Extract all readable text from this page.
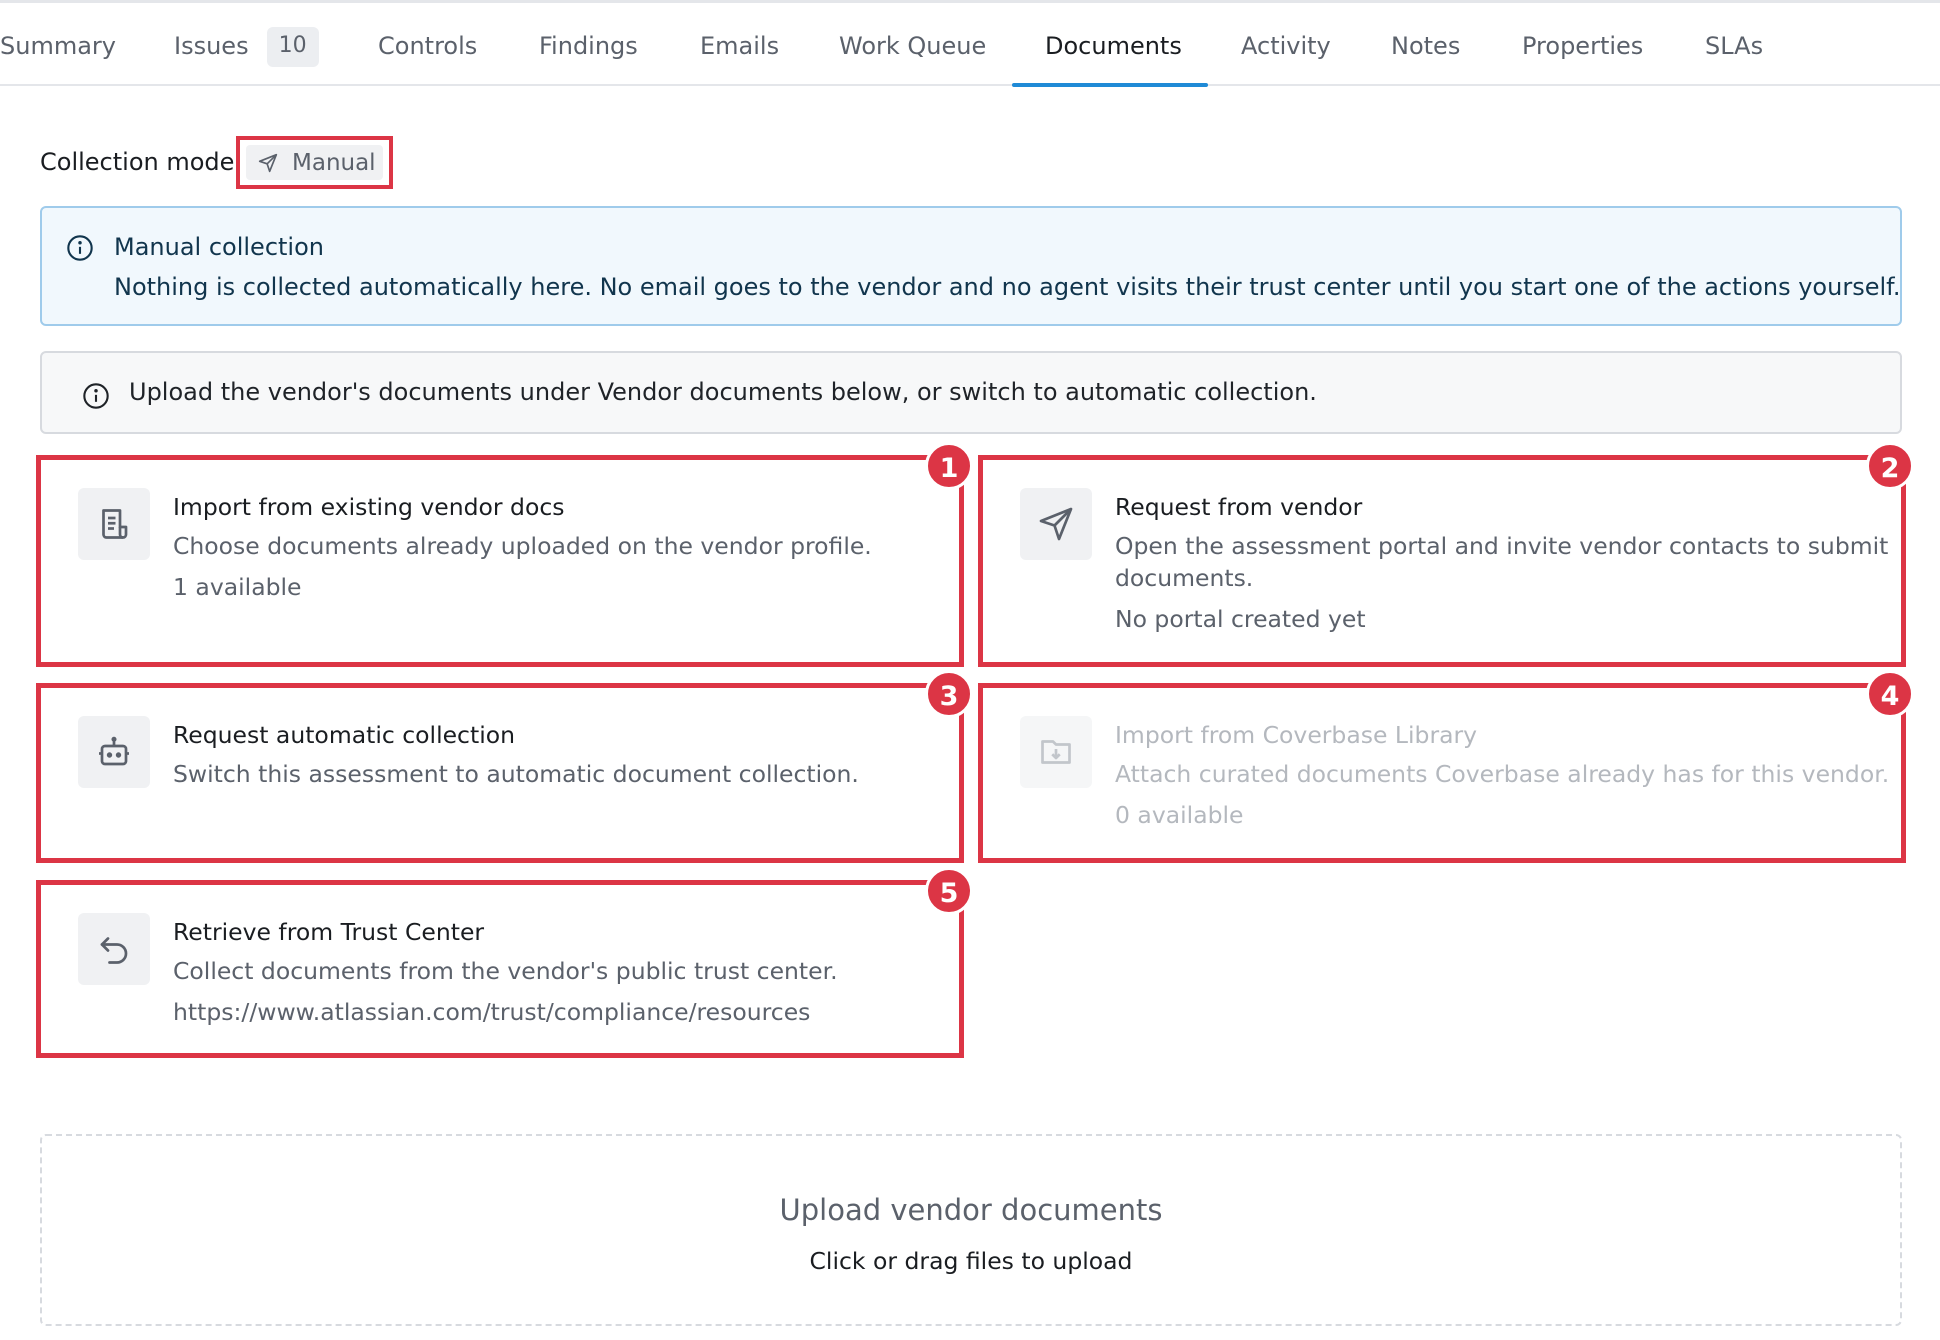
Summary Issues 10	Controls	Findings	Emails Work Queue Documents Activity	Notes	Properties	SLAs
Collection mode	Manual
Manual collection
Nothing is collected automatically here. No email goes to the vendor and no agent visits their trust center until you start one of the actions yourself.
Upload the vendor's documents under Vendor documents below, or switch to automatic collection.
Import from existing vendor docs
Choose documents already uploaded on the vendor profile.
1 available
1
Request from vendor
Open the assessment portal and invite vendor contacts to submit documents.
No portal created yet
2
Request automatic collection
Switch this assessment to automatic document collection.
3
Import from Coverbase Library
Attach curated documents Coverbase already has for this vendor.
0 available
4
Retrieve from Trust Center
Collect documents from the vendor's public trust center.
https://www.atlassian.com/trust/compliance/resources
5
Upload vendor documents
Click or drag files to upload
